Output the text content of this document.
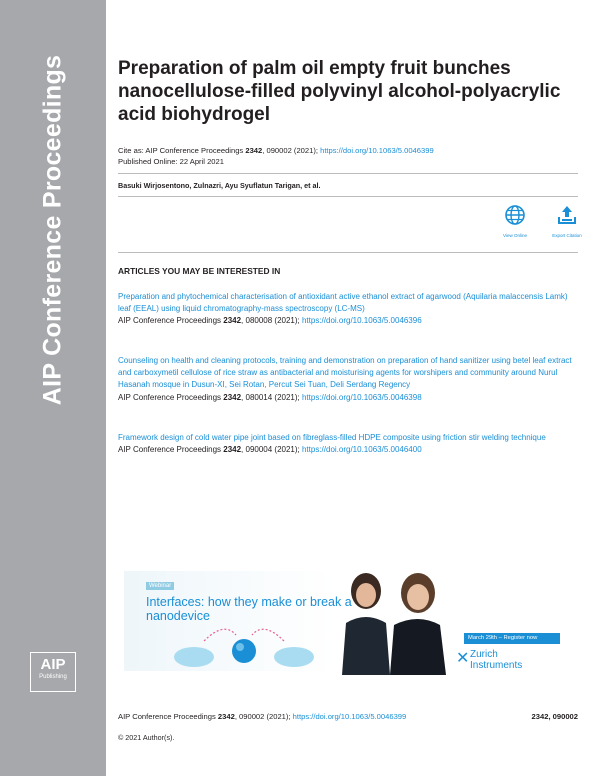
AIP Conference Proceedings
AIP
Publishing
Preparation of palm oil empty fruit bunches nanocellulose-filled polyvinyl alcohol-polyacrylic acid biohydrogel
Cite as: AIP Conference Proceedings 2342, 090002 (2021); https://doi.org/10.1063/5.0046399
Published Online: 22 April 2021
Basuki Wirjosentono, Zulnazri, Ayu Syuflatun Tarigan, et al.
View Online	Export Citation
ARTICLES YOU MAY BE INTERESTED IN
Preparation and phytochemical characterisation of antioxidant active ethanol extract of agarwood (Aquilaria malaccensis Lamk) leaf (EEAL) using liquid chromatography-mass spectroscopy (LC-MS)
AIP Conference Proceedings 2342, 080008 (2021); https://doi.org/10.1063/5.0046396
Counseling on health and cleaning protocols, training and demonstration on preparation of hand sanitizer using betel leaf extract and carboxymetil cellulose of rice straw as antibacterial and moisturising agents for worshipers and community around Nurul Hasanah mosque in Dusun-XI, Sei Rotan, Percut Sei Tuan, Deli Serdang Regency
AIP Conference Proceedings 2342, 080014 (2021); https://doi.org/10.1063/5.0046398
Framework design of cold water pipe joint based on fibreglass-filled HDPE composite using friction stir welding technique
AIP Conference Proceedings 2342, 090004 (2021); https://doi.org/10.1063/5.0046400
Webinar
Interfaces: how they make or break a nanodevice
March 29th – Register now
✕ Zurich
Instruments
AIP Conference Proceedings 2342, 090002 (2021); https://doi.org/10.1063/5.0046399	2342, 090002
© 2021 Author(s).
